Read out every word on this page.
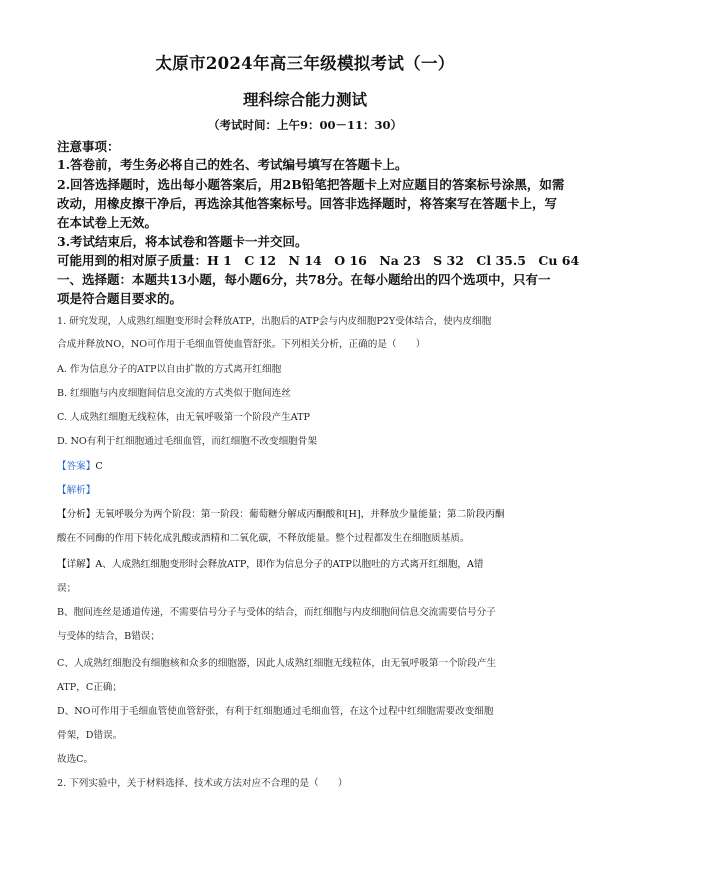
太原市2024年高三年级模拟考试（一）
理科综合能力测试
（考试时间：上午9：00－11：30）
注意事项：
1.答卷前，考生务必将自己的姓名、考试编号填写在答题卡上。
2.回答选择题时，选出每小题答案后，用2B铅笔把答题卡上对应题目的答案标号涂黑，如需
改动，用橡皮擦干净后，再选涂其他答案标号。回答非选择题时，将答案写在答题卡上，写
在本试卷上无效。
3.考试结束后，将本试卷和答题卡一并交回。
可能用到的相对原子质量：H 1　C 12　N 14　O 16　Na 23　S 32　Cl 35.5　Cu 64
一、选择题：本题共13小题，每小题6分，共78分。在每小题给出的四个选项中，只有一
项是符合题目要求的。
1. 研究发现，人成熟红细胞变形时会释放ATP，出胞后的ATP会与内皮细胞P2Y受体结合，使内皮细胞
合成并释放NO，NO可作用于毛细血管使血管舒张。下列相关分析，正确的是（　　）
A. 作为信息分子的ATP以自由扩散的方式离开红细胞
B. 红细胞与内皮细胞间信息交流的方式类似于胞间连丝
C. 人成熟红细胞无线粒体，由无氧呼吸第一个阶段产生ATP
D. NO有利于红细胞通过毛细血管，而红细胞不改变细胞骨架
【答案】C
【解析】
【分析】无氧呼吸分为两个阶段：第一阶段：葡萄糖分解成丙酮酸和[H]，并释放少量能量；第二阶段丙酮
酸在不同酶的作用下转化成乳酸或酒精和二氧化碳，不释放能量。整个过程都发生在细胞质基质。
【详解】A、人成熟红细胞变形时会释放ATP，即作为信息分子的ATP以胞吐的方式离开红细胞，A错
误；
B、胞间连丝是通道传递，不需要信号分子与受体的结合，而红细胞与内皮细胞间信息交流需要信号分子
与受体的结合，B错误；
C、人成熟红细胞没有细胞核和众多的细胞器，因此人成熟红细胞无线粒体，由无氧呼吸第一个阶段产生
ATP，C正确；
D、NO可作用于毛细血管使血管舒张，有利于红细胞通过毛细血管，在这个过程中红细胞需要改变细胞
骨架，D错误。
故选C。
2. 下列实验中，关于材料选择、技术或方法对应不合理的是（　　）
